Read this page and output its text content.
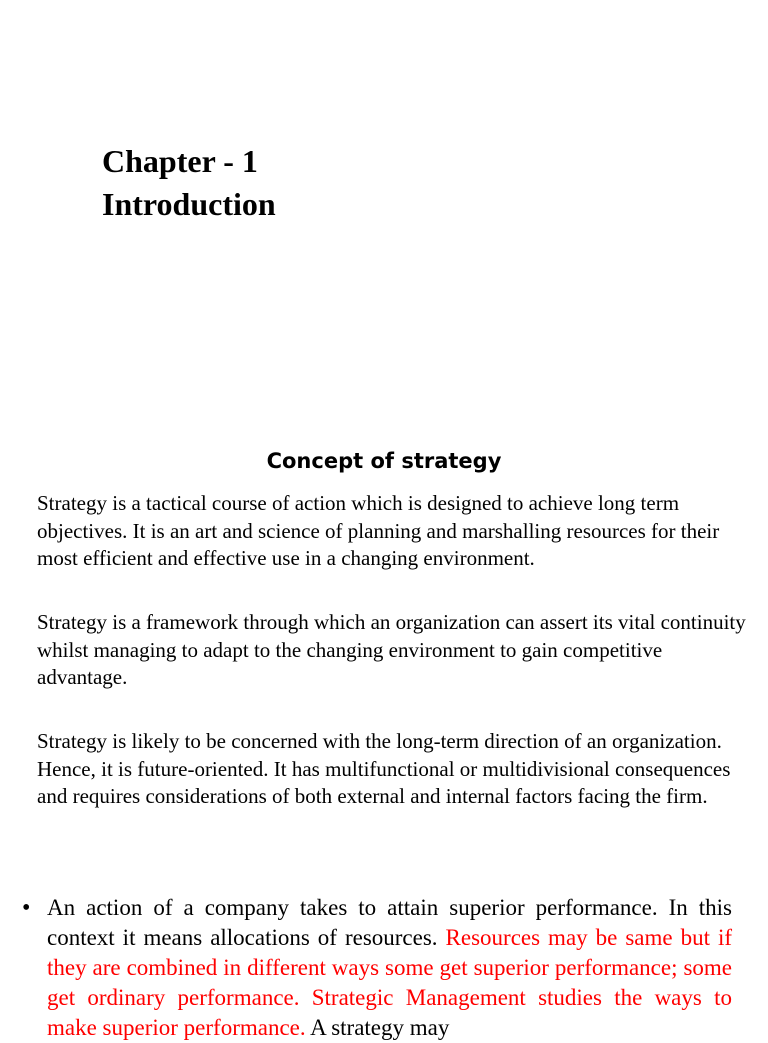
Chapter - 1
Introduction
Concept of strategy

Strategy is a tactical course of action which is designed to achieve long term objectives. It is an art and science of planning and marshalling resources for their most efficient and effective use in a changing environment.

Strategy is a framework through which an organization can assert its vital continuity whilst managing to adapt to the changing environment to gain competitive advantage.

Strategy is likely to be concerned with the long-term direction of an organization. Hence, it is future-oriented. It has multifunctional or multidivisional consequences and requires considerations of both external and internal factors facing the firm.

• An action of a company takes to attain superior performance. In this context it means allocations of resources. Resources may be same but if they are combined in different ways some get superior performance; some get ordinary performance. Strategic Management studies the ways to make superior performance. A strategy may
